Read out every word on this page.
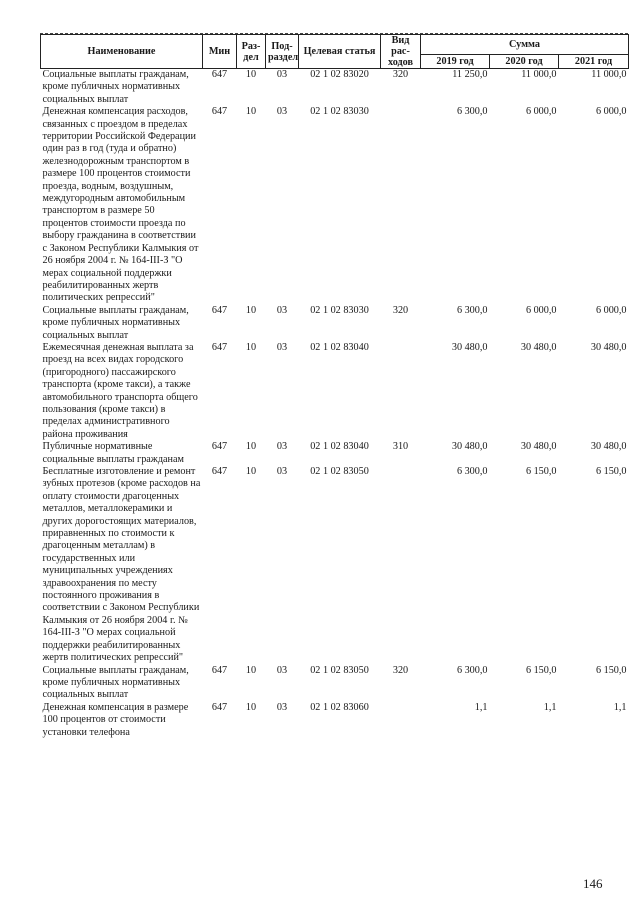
Наименование	Мин	Раз-дел	Под-раздел	Целевая статья	Вид рас-ходов	Сумма		
						2019 год	2020 год	2021 год
Социальные выплаты гражданам, кроме публичных нормативных социальных выплат	647	10	03	02 1 02 83020	320	11 250,0	11 000,0	11 000,0
Денежная компенсация расходов, связанных с проездом в пределах территории Российской Федерации один раз в год (туда и обратно) железнодорожным транспортом в размере 100 процентов стоимости проезда, водным, воздушным, междугородным автомобильным транспортом в размере 50 процентов стоимости проезда по выбору гражданина в соответствии с Законом Республики Калмыкия от 26 ноября 2004 г. № 164-III-З "О мерах социальной поддержки реабилитированных жертв политических репрессий"	647	10	03	02 1 02 83030		6 300,0	6 000,0	6 000,0
Социальные выплаты гражданам, кроме публичных нормативных социальных выплат	647	10	03	02 1 02 83030	320	6 300,0	6 000,0	6 000,0
Ежемесячная денежная выплата за проезд на всех видах городского (пригородного) пассажирского транспорта (кроме такси), а также автомобильного транспорта общего пользования (кроме такси) в пределах административного района проживания	647	10	03	02 1 02 83040		30 480,0	30 480,0	30 480,0
Публичные нормативные социальные выплаты гражданам	647	10	03	02 1 02 83040	310	30 480,0	30 480,0	30 480,0
Бесплатные изготовление и ремонт зубных протезов (кроме расходов на оплату стоимости драгоценных металлов, металлокерамики и других дорогостоящих материалов, приравненных по стоимости к драгоценным металлам) в государственных или муниципальных учреждениях здравоохранения по месту постоянного проживания в соответствии с Законом Республики Калмыкия от 26 ноября 2004 г. № 164-III-З "О мерах социальной поддержки реабилитированных жертв политических репрессий"	647	10	03	02 1 02 83050		6 300,0	6 150,0	6 150,0
Социальные выплаты гражданам, кроме публичных нормативных социальных выплат	647	10	03	02 1 02 83050	320	6 300,0	6 150,0	6 150,0
Денежная компенсация в размере 100 процентов от стоимости установки телефона	647	10	03	02 1 02 83060		1,1	1,1	1,1
146
